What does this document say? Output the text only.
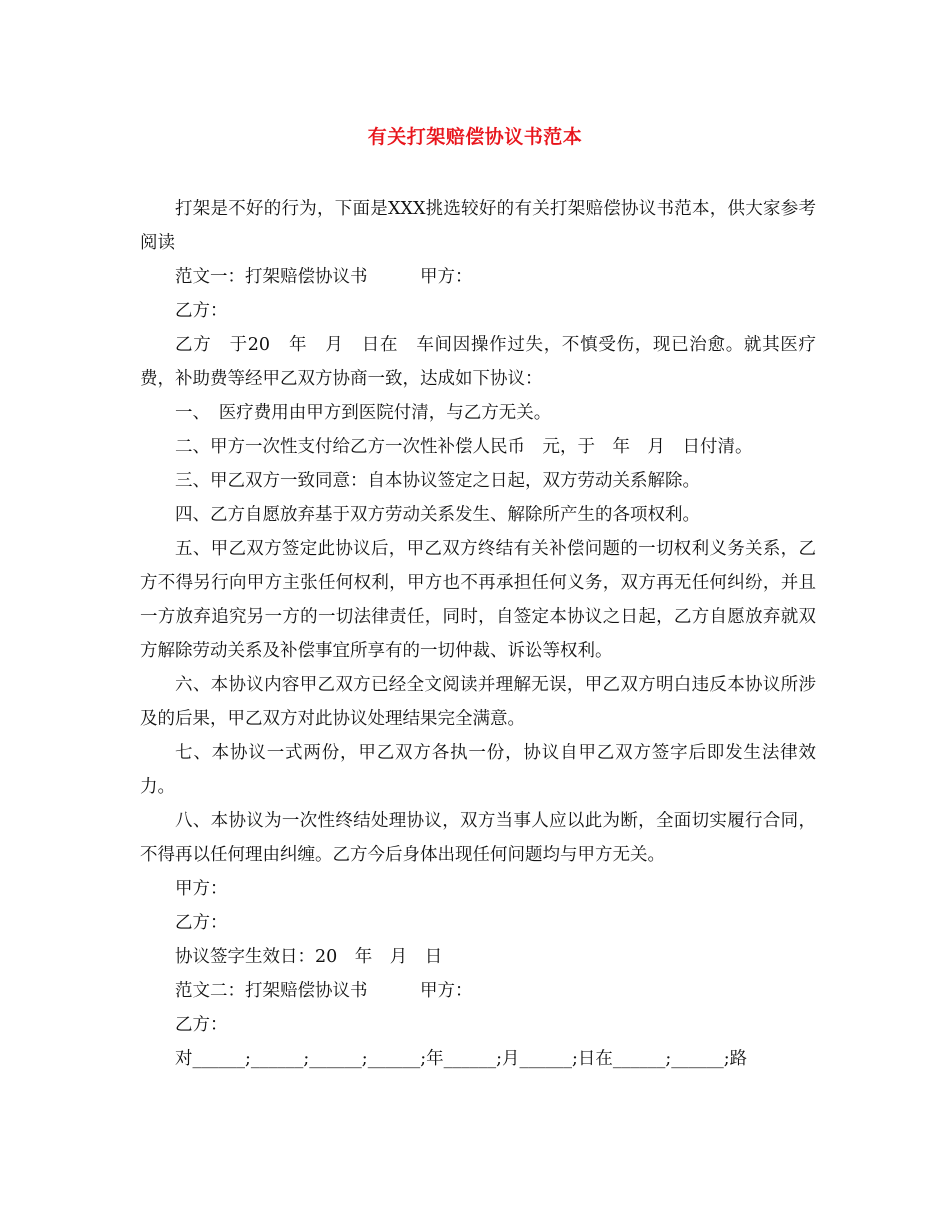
有关打架赔偿协议书范本

打架是不好的行为，下面是XXX挑选较好的有关打架赔偿协议书范本，供大家参考阅读

范文一：打架赔偿协议书　　　甲方：

乙方：

乙方　于20　年　月　日在　车间因操作过失，不慎受伤，现已治愈。就其医疗费，补助费等经甲乙双方协商一致，达成如下协议：

一、　医疗费用由甲方到医院付清，与乙方无关。

二、甲方一次性支付给乙方一次性补偿人民币　元，于　年　月　日付清。

三、甲乙双方一致同意：自本协议签定之日起，双方劳动关系解除。

四、乙方自愿放弃基于双方劳动关系发生、解除所产生的各项权利。

五、甲乙双方签定此协议后，甲乙双方终结有关补偿问题的一切权利义务关系，乙方不得另行向甲方主张任何权利，甲方也不再承担任何义务，双方再无任何纠纷，并且一方放弃追究另一方的一切法律责任，同时，自签定本协议之日起，乙方自愿放弃就双方解除劳动关系及补偿事宜所享有的一切仲裁、诉讼等权利。

六、本协议内容甲乙双方已经全文阅读并理解无误，甲乙双方明白违反本协议所涉及的后果，甲乙双方对此协议处理结果完全满意。

七、本协议一式两份，甲乙双方各执一份，协议自甲乙双方签字后即发生法律效力。

八、本协议为一次性终结处理协议，双方当事人应以此为断，全面切实履行合同，不得再以任何理由纠缠。乙方今后身体出现任何问题均与甲方无关。

甲方：

乙方：

协议签字生效日：20　年　月　日

范文二：打架赔偿协议书　　　甲方：

乙方：

对______;______;______;______;年______;月______;日在______;______;路
